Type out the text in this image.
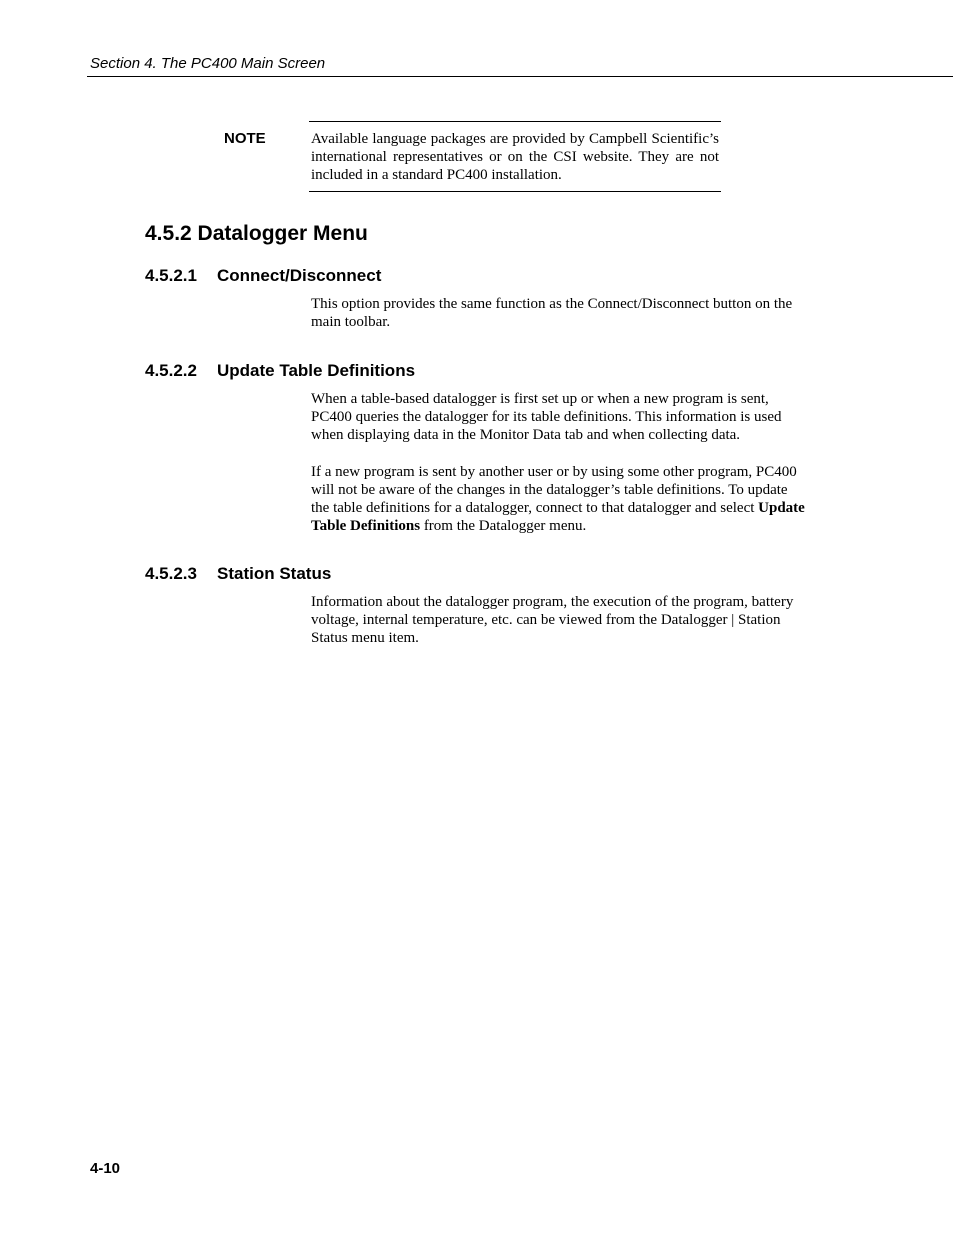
Section 4. The PC400 Main Screen
NOTE	Available language packages are provided by Campbell Scientific’s international representatives or on the CSI website. They are not included in a standard PC400 installation.

4.5.2 Datalogger Menu
4.5.2.1 Connect/Disconnect

This option provides the same function as the Connect/Disconnect button on the main toolbar.

4.5.2.2 Update Table Definitions

When a table-based datalogger is first set up or when a new program is sent, PC400 queries the datalogger for its table definitions. This information is used when displaying data in the Monitor Data tab and when collecting data.

If a new program is sent by another user or by using some other program, PC400 will not be aware of the changes in the datalogger’s table definitions. To update the table definitions for a datalogger, connect to that datalogger and select Update Table Definitions from the Datalogger menu.

4.5.2.3 Station Status

Information about the datalogger program, the execution of the program, battery voltage, internal temperature, etc. can be viewed from the Datalogger | Station Status menu item.

4-10
